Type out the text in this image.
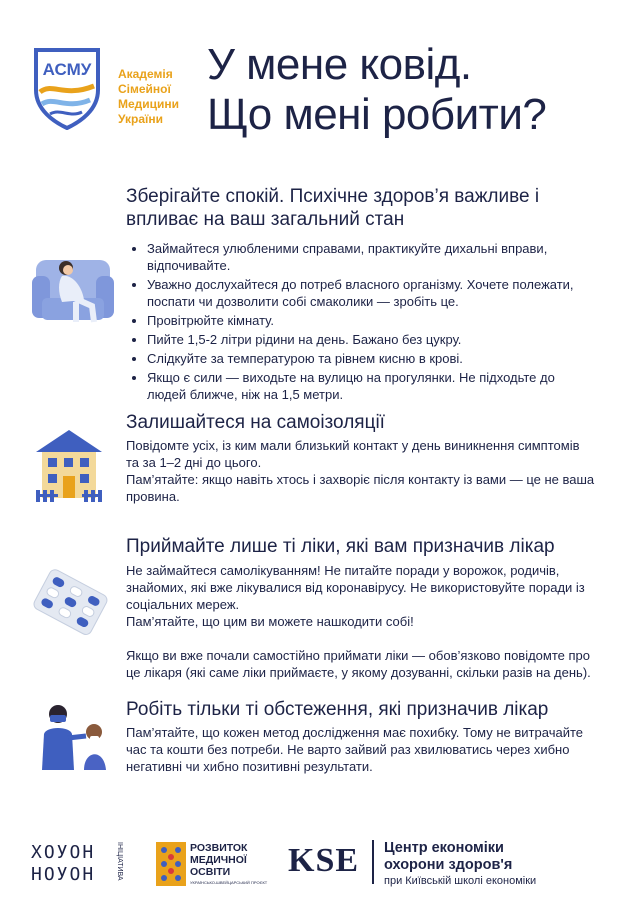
АСМУ Академія
Сімейної
Медицини
України
У мене ковід.
Що мені робити?
Зберігайте спокій. Психічне здоров’я важливе і впливає на ваш загальний стан
• Займайтеся улюбленими справами, практикуйте дихальні вправи, відпочивайте.
• Уважно дослухайтеся до потреб власного організму. Хочете полежати, поспати чи дозволити собі смаколики — зробіть це.
• Провітрюйте кімнату.
• Пийте 1,5-2 літри рідини на день. Бажано без цукру.
• Слідкуйте за температурою та рівнем кисню в крові.
• Якщо є сили — виходьте на вулицю на прогулянки. Не підходьте до людей ближче, ніж на 1,5 метри.
Залишайтеся на самоізоляції

Повідомте усіх, із ким мали близький контакт у день виникнення симптомів та за 1–2 дні до цього.

Пам’ятайте: якщо навіть хтось і захворіє після контакту із вами — це не ваша провина.

Приймайте лише ті ліки, які вам призначив лікар

Не займайтеся самолікуванням! Не питайте поради у ворожок, родичів, знайомих, які вже лікувалися від коронавірусу. Не використовуйте поради із соціальних мереж.

Пам’ятайте, що цим ви можете нашкодити собі!

Якщо ви вже почали самостійно приймати ліки — обов’язково повідомте про це лікаря (які саме ліки приймаєте, у якому дозуванні, скільки разів на день).

Робіть тільки ті обстеження, які призначив лікар

Пам’ятайте, що кожен метод дослідження має похибку. Тому не витрачайте час та кошти без потреби. Не варто зайвий раз хвилюватись через хибно негативні чи хибно позитивні результати.

ХОУОН
НОУОН	ІНІЦІАТИВА	РОЗВИТОК
МЕДИЧНОЇ
ОСВІТИ
УКРАЇНСЬКО-ШВЕЙЦАРСЬКИЙ ПРОЄКТ
KSE Центр економіки
охорони здоров'я
при Київській школі економіки
